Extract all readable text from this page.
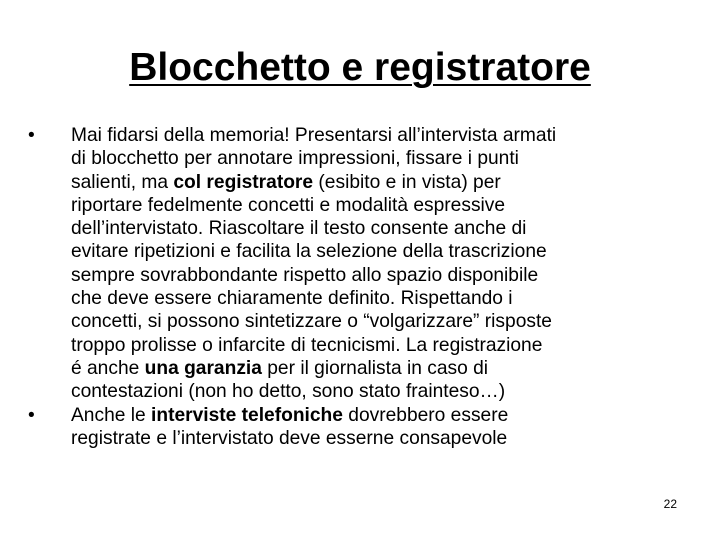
Blocchetto e registratore
•	Mai fidarsi della memoria! Presentarsi all’intervista armati
di blocchetto per annotare impressioni, fissare i punti
salienti, ma col registratore (esibito e in vista) per
riportare fedelmente concetti e modalità espressive
dell’intervistato. Riascoltare il testo consente anche di
evitare ripetizioni e facilita la selezione della trascrizione
sempre sovrabbondante rispetto allo spazio disponibile
che deve essere chiaramente definito. Rispettando i
concetti, si possono sintetizzare o “volgarizzare” risposte
troppo prolisse o infarcite di tecnicismi. La registrazione
é anche una garanzia per il giornalista in caso di
contestazioni (non ho detto, sono stato frainteso…)
•	Anche le interviste telefoniche dovrebbero essere
registrate e l’intervistato deve esserne consapevole
22
